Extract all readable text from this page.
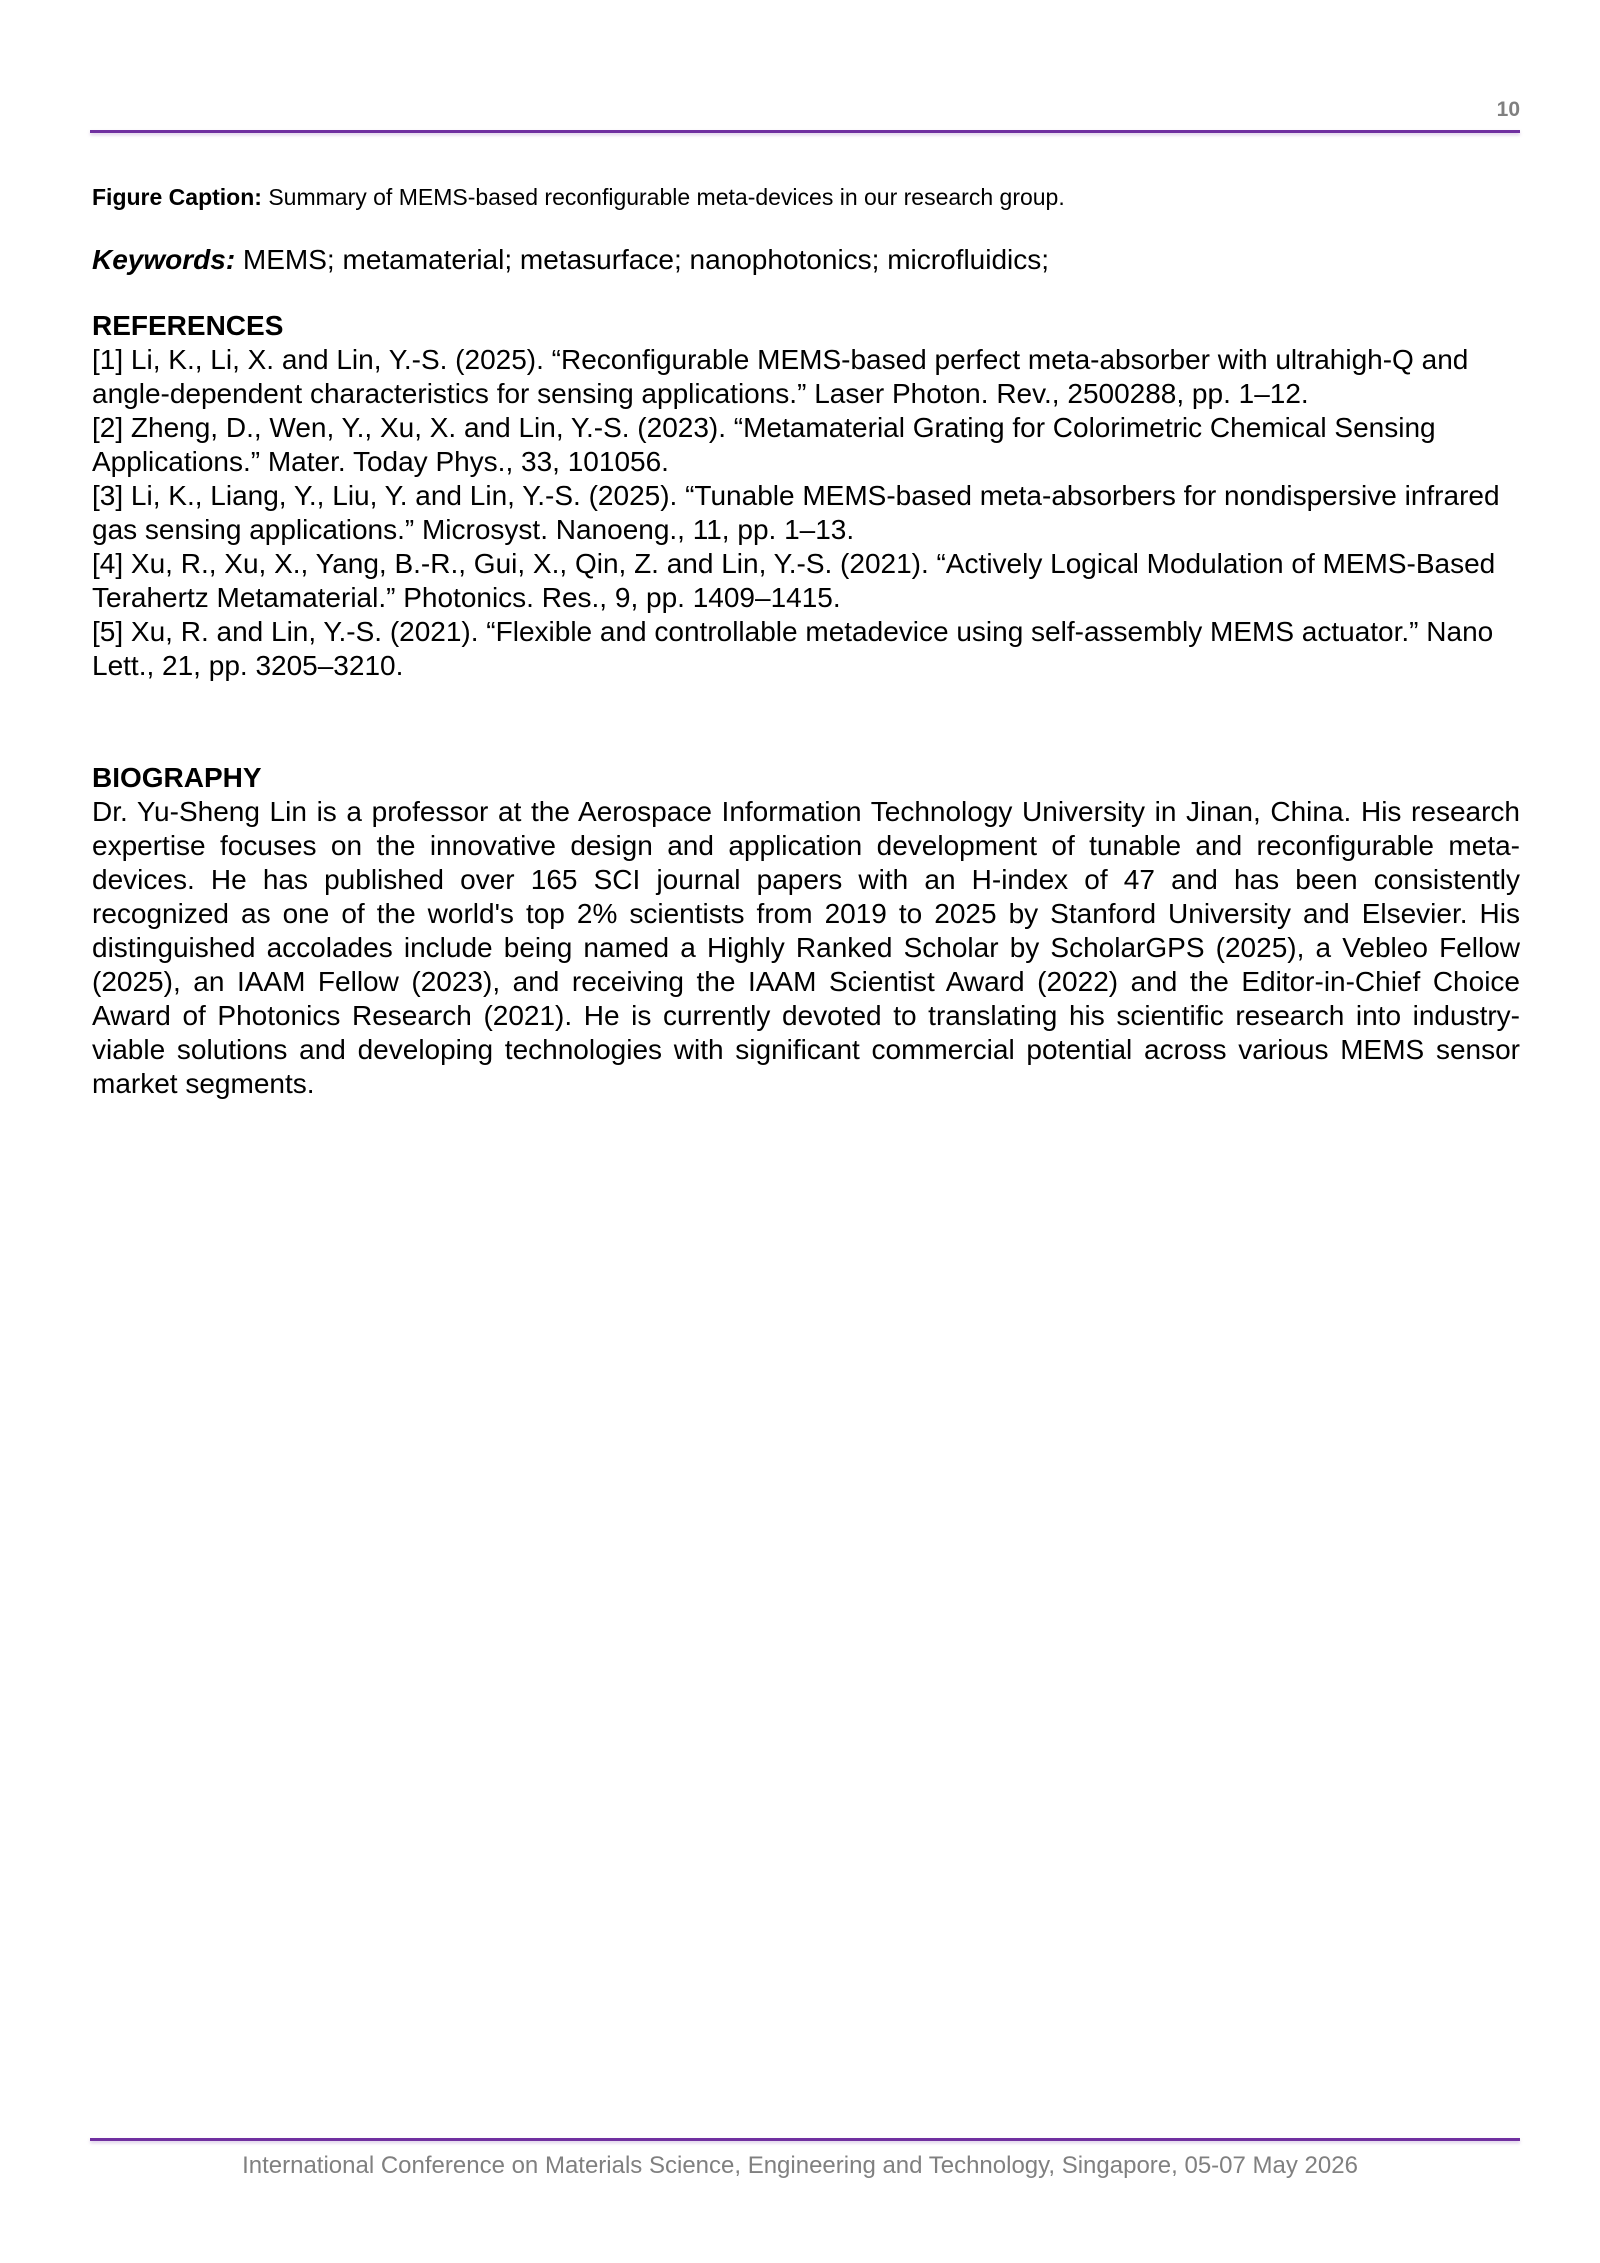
10

Figure Caption: Summary of MEMS-based reconfigurable meta-devices in our research group.

Keywords: MEMS; metamaterial; metasurface; nanophotonics; microfluidics;

REFERENCES
[1] Li, K., Li, X. and Lin, Y.-S. (2025). “Reconfigurable MEMS-based perfect meta-absorber with ultrahigh-Q and angle-dependent characteristics for sensing applications.” Laser Photon. Rev., 2500288, pp. 1–12.
[2] Zheng, D., Wen, Y., Xu, X. and Lin, Y.-S. (2023). “Metamaterial Grating for Colorimetric Chemical Sensing Applications.” Mater. Today Phys., 33, 101056.
[3] Li, K., Liang, Y., Liu, Y. and Lin, Y.-S. (2025). “Tunable MEMS-based meta-absorbers for nondispersive infrared gas sensing applications.” Microsyst. Nanoeng., 11, pp. 1–13.
[4] Xu, R., Xu, X., Yang, B.-R., Gui, X., Qin, Z. and Lin, Y.-S. (2021). “Actively Logical Modulation of MEMS-Based Terahertz Metamaterial.” Photonics. Res., 9, pp. 1409–1415.
[5] Xu, R. and Lin, Y.-S. (2021). “Flexible and controllable metadevice using self-assembly MEMS actuator.” Nano Lett., 21, pp. 3205–3210.
BIOGRAPHY

Dr. Yu-Sheng Lin is a professor at the Aerospace Information Technology University in Jinan, China. His research expertise focuses on the innovative design and application development of tunable and reconfigurable meta-devices. He has published over 165 SCI journal papers with an H-index of 47 and has been consistently recognized as one of the world's top 2% scientists from 2019 to 2025 by Stanford University and Elsevier. His distinguished accolades include being named a Highly Ranked Scholar by ScholarGPS (2025), a Vebleo Fellow (2025), an IAAM Fellow (2023), and receiving the IAAM Scientist Award (2022) and the Editor-in-Chief Choice Award of Photonics Research (2021). He is currently devoted to translating his scientific research into industry-viable solutions and developing technologies with significant commercial potential across various MEMS sensor market segments.

International Conference on Materials Science, Engineering and Technology, Singapore, 05-07 May 2026
